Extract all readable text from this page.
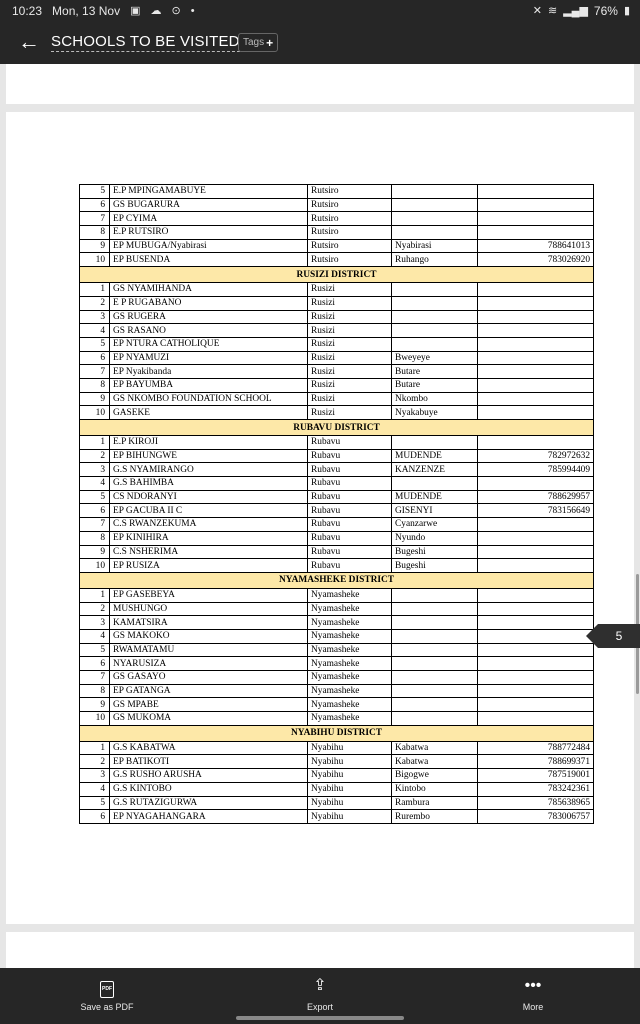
10:23 Mon, 13 Nov ▣ ☁ ⊙ •	✕ ≋ ▂▄▆ 76% ▮
← SCHOOLS TO BE VISITED Tags +
5	E.P MPINGAMABUYE	Rutsiro		
6	GS BUGARURA	Rutsiro		
7	EP CYIMA	Rutsiro		
8	E.P RUTSIRO	Rutsiro		
9	EP MUBUGA/Nyabirasi	Rutsiro	Nyabirasi	788641013
10	EP BUSENDA	Rutsiro	Ruhango	783026920
RUSIZI DISTRICT				
1	GS NYAMIHANDA	Rusizi		
2	E P RUGABANO	Rusizi		
3	GS RUGERA	Rusizi		
4	GS RASANO	Rusizi		
5	EP NTURA CATHOLIQUE	Rusizi		
6	EP NYAMUZI	Rusizi	Bweyeye	
7	EP Nyakibanda	Rusizi	Butare	
8	EP BAYUMBA	Rusizi	Butare	
9	GS NKOMBO FOUNDATION SCHOOL	Rusizi	Nkombo	
10	GASEKE	Rusizi	Nyakabuye	
RUBAVU DISTRICT				
1	E.P KIROJI	Rubavu		
2	EP BIHUNGWE	Rubavu	MUDENDE	782972632
3	G.S NYAMIRANGO	Rubavu	KANZENZE	785994409
4	G.S BAHIMBA	Rubavu		
5	CS NDORANYI	Rubavu	MUDENDE	788629957
6	EP GACUBA II C	Rubavu	GISENYI	783156649
7	C.S RWANZEKUMA	Rubavu	Cyanzarwe	
8	EP KINIHIRA	Rubavu	Nyundo	
9	C.S NSHERIMA	Rubavu	Bugeshi	
10	EP RUSIZA	Rubavu	Bugeshi	
NYAMASHEKE DISTRICT				
1	EP GASEBEYA	Nyamasheke		
2	MUSHUNGO	Nyamasheke		
3	KAMATSIRA	Nyamasheke		
4	GS MAKOKO	Nyamasheke		
5	RWAMATAMU	Nyamasheke		
6	NYARUSIZA	Nyamasheke		
7	GS GASAYO	Nyamasheke		
8	EP GATANGA	Nyamasheke		
9	GS MPABE	Nyamasheke		
10	GS MUKOMA	Nyamasheke		
NYABIHU DISTRICT				
1	G.S KABATWA	Nyabihu	Kabatwa	788772484
2	EP BATIKOTI	Nyabihu	Kabatwa	788699371
3	G.S RUSHO ARUSHA	Nyabihu	Bigogwe	787519001
4	G.S KINTOBO	Nyabihu	Kintobo	783242361
5	G.S RUTAZIGURWA	Nyabihu	Rambura	785638965
6	EP NYAGAHANGARA	Nyabihu	Rurembo	783006757
5
PDF
Save as PDF
⇪
Export
•••
More
